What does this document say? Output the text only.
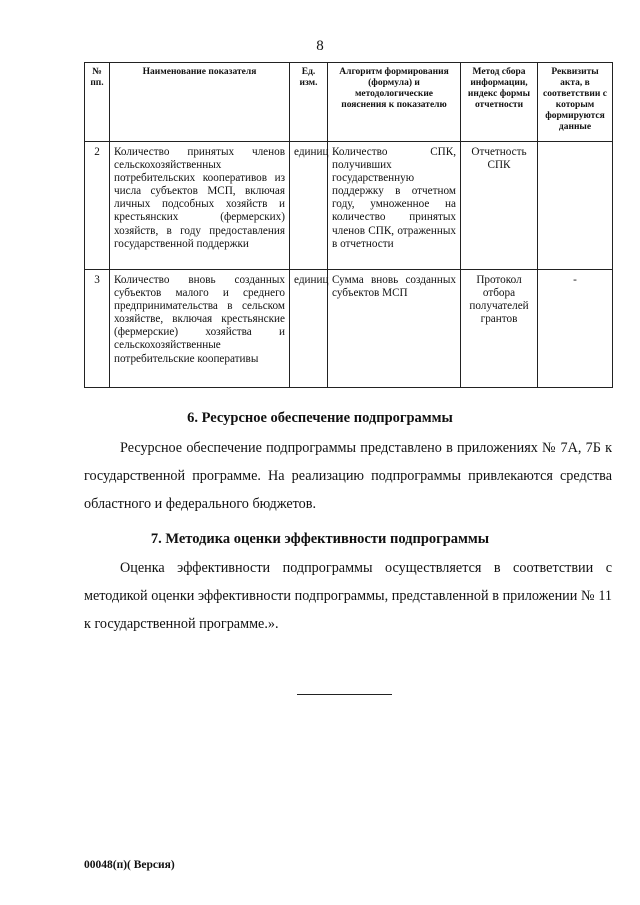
8
№ пп.	Наименование показателя	Ед. изм.	Алгоритм формирования (формула) и методологические пояснения к показателю	Метод сбора информации, индекс формы отчетности	Реквизиты акта, в соответствии с которым формируются данные
2	Количество принятых членов сельскохозяйственных потребительских кооперативов из числа субъектов МСП, включая личных подсобных хозяйств и крестьянских (фермерских) хозяйств, в году предоставления государственной поддержки	единиц	Количество СПК, получивших государственную поддержку в отчетном году, умноженное на количество принятых членов СПК, отраженных в отчетности	Отчетность СПК	
3	Количество вновь созданных субъектов малого и среднего предпринимательства в сельском хозяйстве, включая крестьянские (фермерские) хозяйства и сельскохозяйственные потребительские кооперативы	единиц	Сумма вновь созданных субъектов МСП	Протокол отбора получателей грантов	-
6. Ресурсное обеспечение подпрограммы
Ресурсное обеспечение подпрограммы представлено в приложениях № 7А, 7Б к государственной программе. На реализацию подпрограммы привлекаются средства областного и федерального бюджетов.
7. Методика оценки эффективности подпрограммы
Оценка эффективности подпрограммы осуществляется в соответствии с методикой оценки эффективности подпрограммы, представленной в приложении № 11 к государственной программе.».
00048(п)( Версия)
